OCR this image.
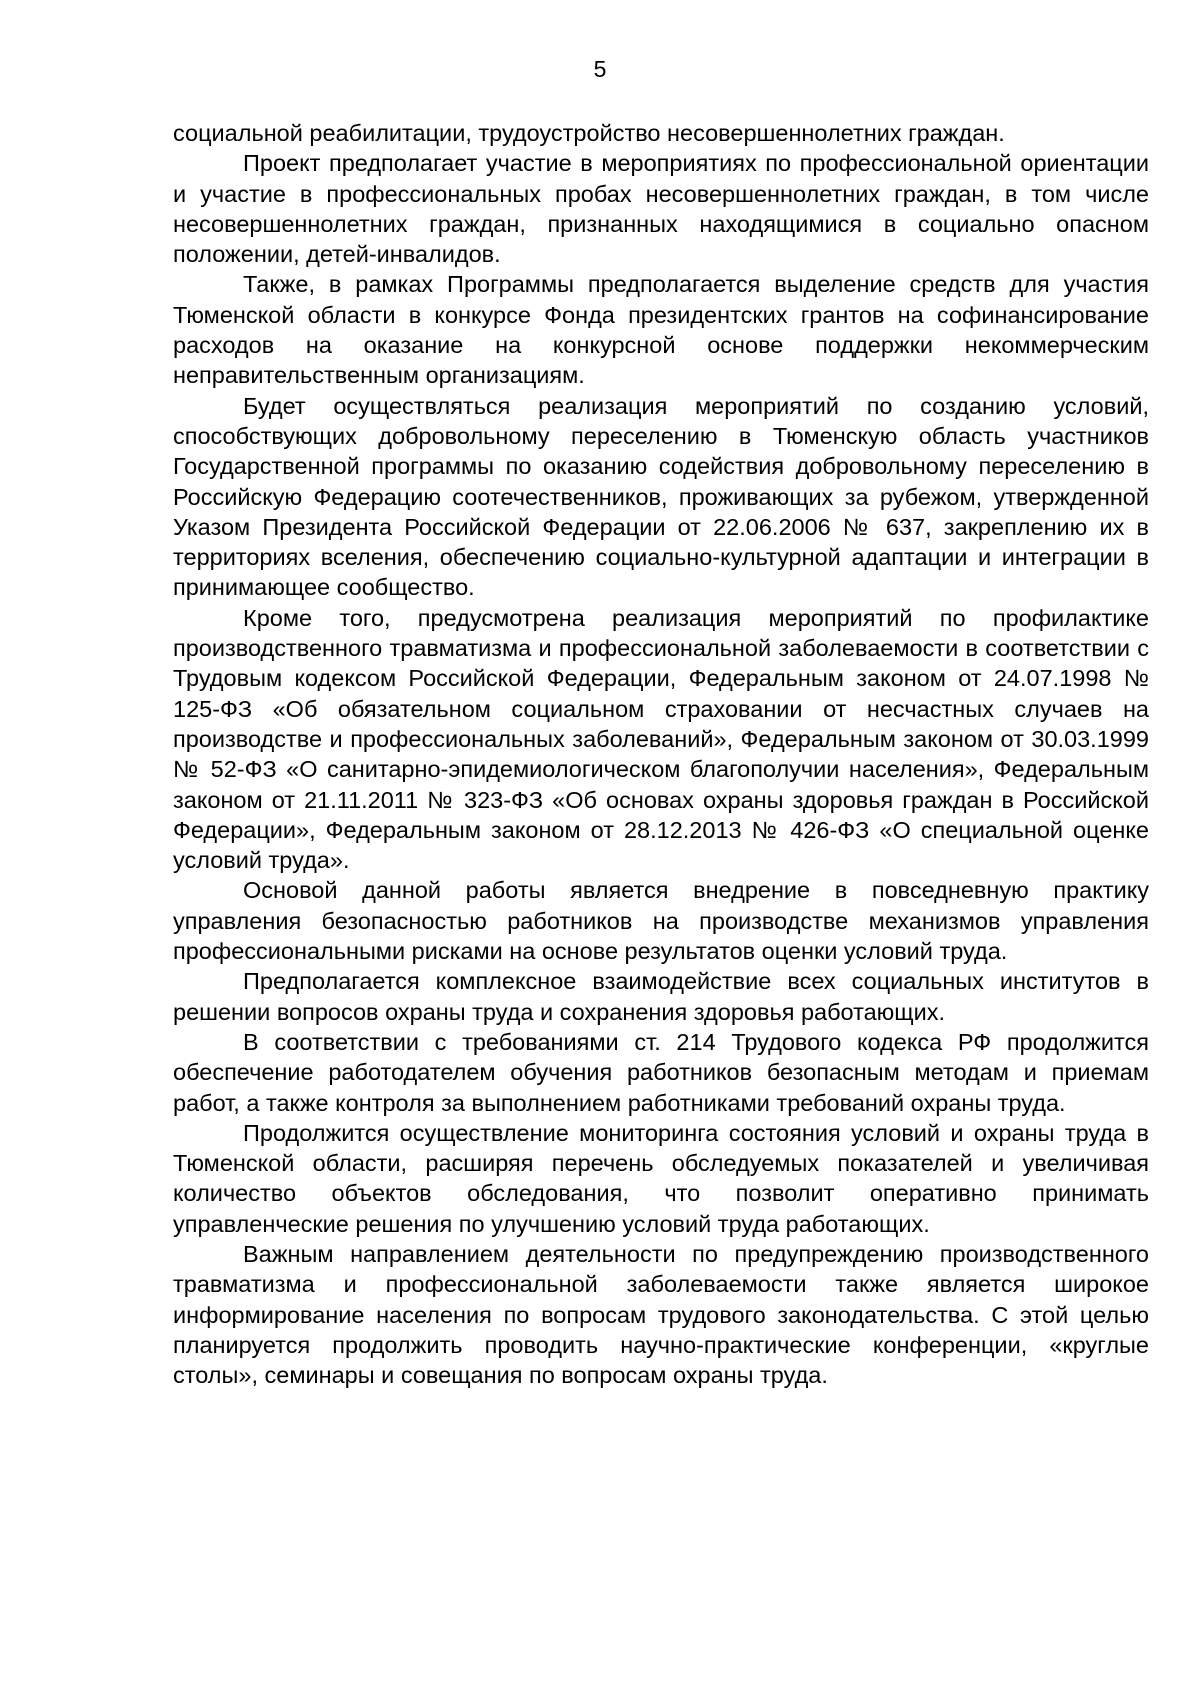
5

социальной реабилитации, трудоустройство несовершеннолетних граждан.

Проект предполагает участие в мероприятиях по профессиональной ориентации и участие в профессиональных пробах несовершеннолетних граждан, в том числе несовершеннолетних граждан, признанных находящимися в социально опасном положении, детей-инвалидов.

Также, в рамках Программы предполагается выделение средств для участия Тюменской области в конкурсе Фонда президентских грантов на софинансирование расходов на оказание на конкурсной основе поддержки некоммерческим неправительственным организациям.

Будет осуществляться реализация мероприятий по созданию условий, способствующих добровольному переселению в Тюменскую область участников Государственной программы по оказанию содействия добровольному переселению в Российскую Федерацию соотечественников, проживающих за рубежом, утвержденной Указом Президента Российской Федерации от 22.06.2006 № 637, закреплению их в территориях вселения, обеспечению социально-культурной адаптации и интеграции в принимающее сообщество.

Кроме того, предусмотрена реализация мероприятий по профилактике производственного травматизма и профессиональной заболеваемости в соответствии с Трудовым кодексом Российской Федерации, Федеральным законом от 24.07.1998 № 125-ФЗ «Об обязательном социальном страховании от несчастных случаев на производстве и профессиональных заболеваний», Федеральным законом от 30.03.1999 № 52-ФЗ «О санитарно-эпидемиологическом благополучии населения», Федеральным законом от 21.11.2011 № 323-ФЗ «Об основах охраны здоровья граждан в Российской Федерации», Федеральным законом от 28.12.2013 № 426-ФЗ «О специальной оценке условий труда».

Основой данной работы является внедрение в повседневную практику управления безопасностью работников на производстве механизмов управления профессиональными рисками на основе результатов оценки условий труда.

Предполагается комплексное взаимодействие всех социальных институтов в решении вопросов охраны труда и сохранения здоровья работающих.

В соответствии с требованиями ст. 214 Трудового кодекса РФ продолжится обеспечение работодателем обучения работников безопасным методам и приемам работ, а также контроля за выполнением работниками требований охраны труда.

Продолжится осуществление мониторинга состояния условий и охраны труда в Тюменской области, расширяя перечень обследуемых показателей и увеличивая количество объектов обследования, что позволит оперативно принимать управленческие решения по улучшению условий труда работающих.

Важным направлением деятельности по предупреждению производственного травматизма и профессиональной заболеваемости также является широкое информирование населения по вопросам трудового законодательства. С этой целью планируется продолжить проводить научно-практические конференции, «круглые столы», семинары и совещания по вопросам охраны труда.
